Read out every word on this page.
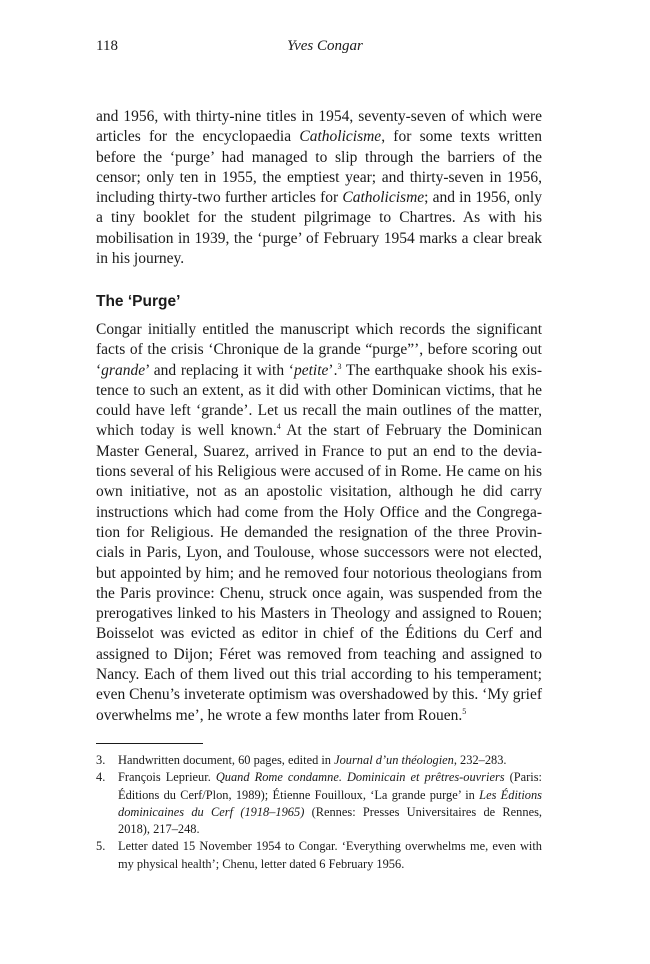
118	Yves Congar

and 1956, with thirty-nine titles in 1954, seventy-seven of which were articles for the encyclopaedia Catholicisme, for some texts written before the ‘purge’ had managed to slip through the barriers of the censor; only ten in 1955, the emptiest year; and thirty-seven in 1956, including thirty-two further articles for Catholicisme; and in 1956, only a tiny booklet for the student pilgrimage to Chartres. As with his mobilisation in 1939, the ‘purge’ of February 1954 marks a clear break in his journey.

The ‘Purge’

Congar initially entitled the manuscript which records the significant facts of the crisis ‘Chronique de la grande “purge”’, before scoring out ‘grande’ and replacing it with ‘petite’.$^3$ The earthquake shook his existence to such an extent, as it did with other Dominican victims, that he could have left ‘grande’. Let us recall the main outlines of the matter, which today is well known.$^4$ At the start of February the Dominican Master General, Suarez, arrived in France to put an end to the deviations several of his Religious were accused of in Rome. He came on his own initiative, not as an apostolic visitation, although he did carry instructions which had come from the Holy Office and the Congregation for Religious. He demanded the resignation of the three Provincials in Paris, Lyon, and Toulouse, whose successors were not elected, but appointed by him; and he removed four notorious theologians from the Paris province: Chenu, struck once again, was suspended from the prerogatives linked to his Masters in Theology and assigned to Rouen; Boisselot was evicted as editor in chief of the Éditions du Cerf and assigned to Dijon; Féret was removed from teaching and assigned to Nancy. Each of them lived out this trial according to his temperament; even Chenu’s inveterate optimism was overshadowed by this. ‘My grief overwhelms me’, he wrote a few months later from Rouen.$^5$

3.	Handwritten document, 60 pages, edited in Journal d’un théologien, 232–283.
4.	François Leprieur. Quand Rome condamne. Dominicain et prêtres-ouvriers (Paris: Éditions du Cerf/Plon, 1989); Étienne Fouilloux, ‘La grande purge’ in Les Éditions dominicaines du Cerf (1918–1965) (Rennes: Presses Universitaires de Rennes, 2018), 217–248.
5.	Letter dated 15 November 1954 to Congar. ‘Everything overwhelms me, even with my physical health’; Chenu, letter dated 6 February 1956.
